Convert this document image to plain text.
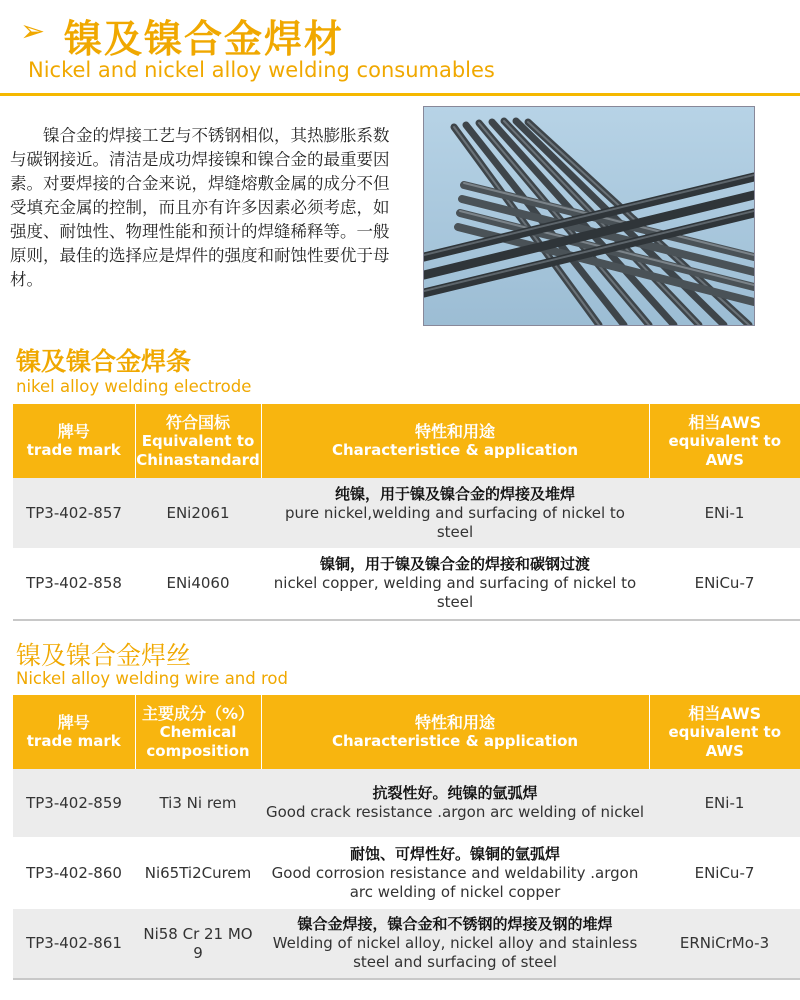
➢ 镍及镍合金焊材
Nickel and nickel alloy welding consumables
镍合金的焊接工艺与不锈钢相似，其热膨胀系数与碳钢接近。清洁是成功焊接镍和镍合金的最重要因素。对要焊接的合金来说，焊缝熔敷金属的成分不但受填充金属的控制，而且亦有许多因素必须考虑，如强度、耐蚀性、物理性能和预计的焊缝稀释等。一般原则，最佳的选择应是焊件的强度和耐蚀性要优于母材。
镍及镍合金焊条
nikel alloy welding electrode
牌号
trade mark	符合国标
Equivalent to Chinastandard	特性和用途
Characteristice & application	相当AWS
equivalent to AWS
TP3-402-857	ENi2061	纯镍，用于镍及镍合金的焊接及堆焊
pure nickel,welding and surfacing of nickel to steel	ENi-1
TP3-402-858	ENi4060	镍铜，用于镍及镍合金的焊接和碳钢过渡
nickel copper, welding and surfacing of nickel to steel	ENiCu-7
镍及镍合金焊丝
Nickel alloy welding wire and rod
牌号
trade mark	主要成分（%）
Chemical composition	特性和用途
Characteristice & application	相当AWS
equivalent to AWS
TP3-402-859	Ti3 Ni rem	抗裂性好。纯镍的氩弧焊
Good crack resistance .argon arc welding of nickel	ENi-1
TP3-402-860	Ni65Ti2Curem	耐蚀、可焊性好。镍铜的氩弧焊
Good corrosion resistance and weldability .argon arc welding of nickel copper	ENiCu-7
TP3-402-861	Ni58 Cr 21 MO 9	镍合金焊接，镍合金和不锈钢的焊接及钢的堆焊
Welding of nickel alloy, nickel alloy and stainless steel and surfacing of steel	ERNiCrMo-3
